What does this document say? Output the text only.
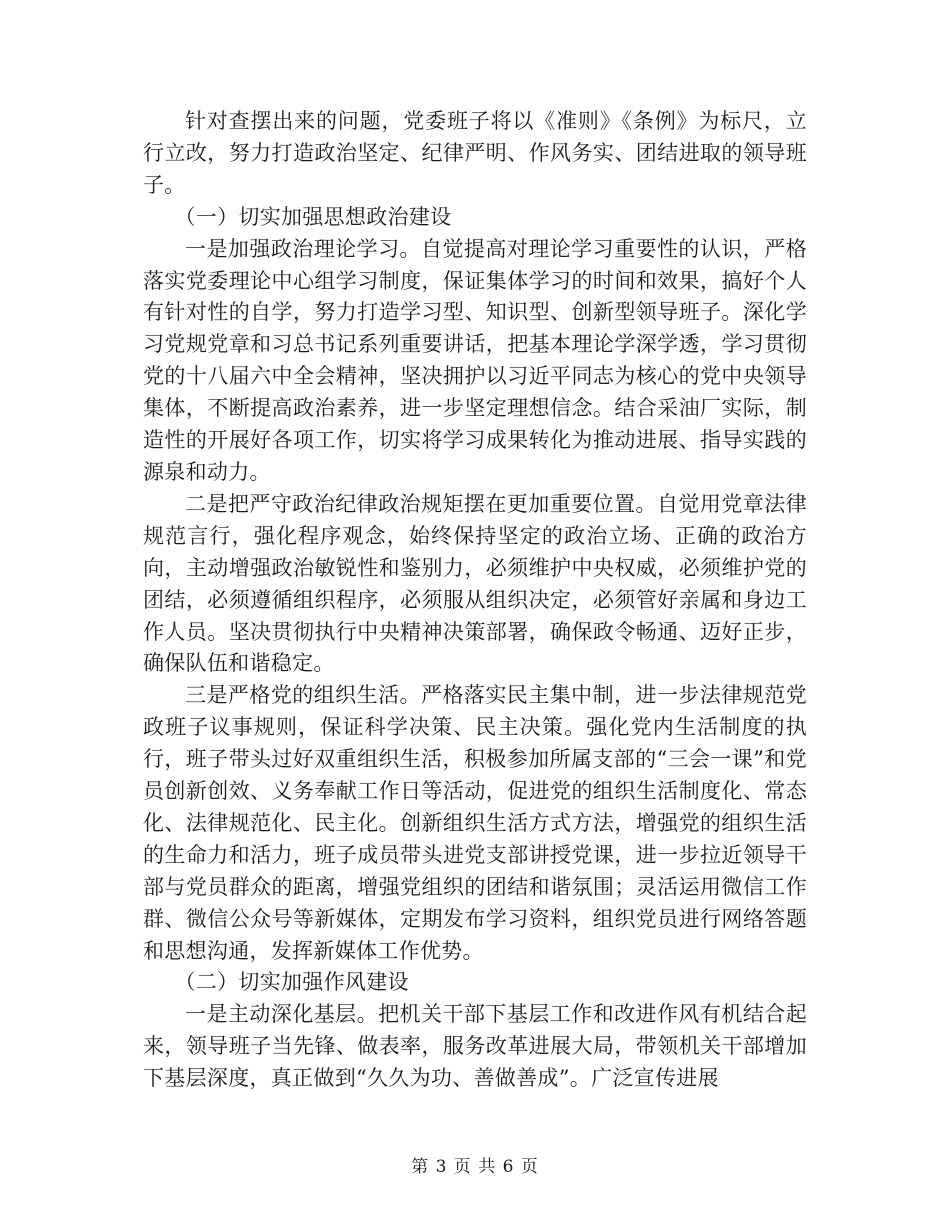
针对查摆出来的问题，党委班子将以《准则》《条例》为标尺，立行立改，努力打造政治坚定、纪律严明、作风务实、团结进取的领导班子。

（一）切实加强思想政治建设

一是加强政治理论学习。自觉提高对理论学习重要性的认识，严格落实党委理论中心组学习制度，保证集体学习的时间和效果，搞好个人有针对性的自学，努力打造学习型、知识型、创新型领导班子。深化学习党规党章和习总书记系列重要讲话，把基本理论学深学透，学习贯彻党的十八届六中全会精神，坚决拥护以习近平同志为核心的党中央领导集体，不断提高政治素养，进一步坚定理想信念。结合采油厂实际，制造性的开展好各项工作，切实将学习成果转化为推动进展、指导实践的源泉和动力。

二是把严守政治纪律政治规矩摆在更加重要位置。自觉用党章法律规范言行，强化程序观念，始终保持坚定的政治立场、正确的政治方向，主动增强政治敏锐性和鉴别力，必须维护中央权威，必须维护党的团结，必须遵循组织程序，必须服从组织决定，必须管好亲属和身边工作人员。坚决贯彻执行中央精神决策部署，确保政令畅通、迈好正步，确保队伍和谐稳定。

三是严格党的组织生活。严格落实民主集中制，进一步法律规范党政班子议事规则，保证科学决策、民主决策。强化党内生活制度的执行，班子带头过好双重组织生活，积极参加所属支部的“三会一课”和党员创新创效、义务奉献工作日等活动，促进党的组织生活制度化、常态化、法律规范化、民主化。创新组织生活方式方法，增强党的组织生活的生命力和活力，班子成员带头进党支部讲授党课，进一步拉近领导干部与党员群众的距离，增强党组织的团结和谐氛围；灵活运用微信工作群、微信公众号等新媒体，定期发布学习资料，组织党员进行网络答题和思想沟通，发挥新媒体工作优势。

（二）切实加强作风建设

一是主动深化基层。把机关干部下基层工作和改进作风有机结合起来，领导班子当先锋、做表率，服务改革进展大局，带领机关干部增加下基层深度，真正做到“久久为功、善做善成”。广泛宣传进展

第 3 页 共 6 页
